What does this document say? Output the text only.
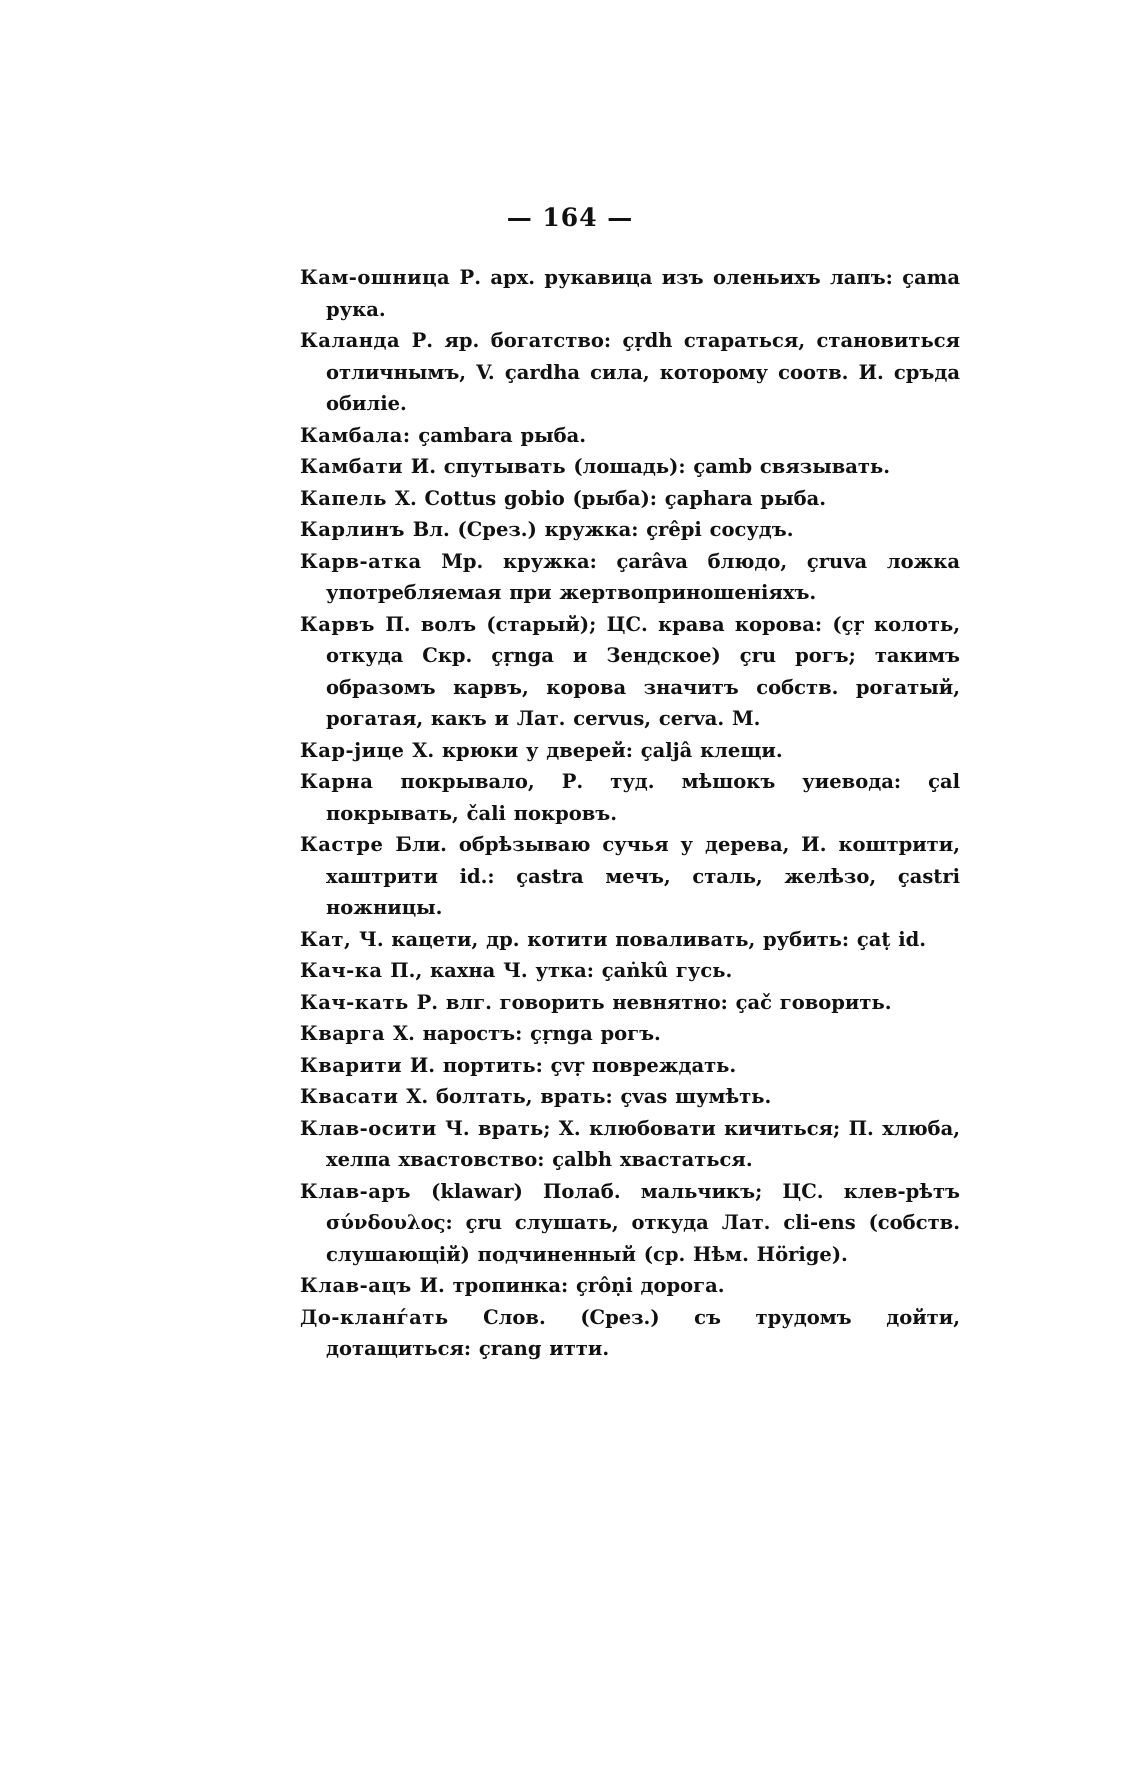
— 164 —

Кам-ошница Р. арх. рукавица изъ оленьихъ лапъ: çama рука.

Каланда Р. яр. богатство: çṛdh стараться, становиться отличнымъ, V. çardha сила, которому соотв. И. сръда обиліе.

Камбала: çambara рыба.

Камбати И. спутывать (лошадь): çamb связывать.

Капель X. Cottus gobio (рыба): çaphara рыба.

Карлинъ Вл. (Срез.) кружка: çrêpi сосудъ.

Карв-атка Мр. кружка: çarâva блюдо, çruva ложка употребляемая при жертвоприношеніяхъ.

Карвъ П. волъ (старый); ЦС. крава корова: (çṛ колоть, откуда Скр. çṛnga и Зендское) çru рогъ; такимъ образомъ карвъ, корова значитъ собств. рогатый, рогатая, какъ и Лат. cervus, cerva. М.

Кар-јице X. крюки у дверей: çalјâ клещи.

Карна покрывало, Р. туд. мѣшокъ уиевода: çal покрывать, čali покровъ.

Кастре Бли. обрѣзываю сучья у дерева, И. коштрити, хаштрити id.: çastra мечъ, сталь, желѣзо, çastri ножницы.

Кат, Ч. кацети, др. котити поваливать, рубить: çaṭ id.

Кач-ка П., кахна Ч. утка: çaṅkû гусь.

Кач-кать Р. влг. говорить невнятно: çač говорить.

Кварга X. наростъ: çṛnga рогъ.

Кварити И. портить: çvṛ повреждать.

Квасати X. болтать, врать: çvas шумѣть.

Клав-осити Ч. врать; X. клюбовати кичиться; П. хлюба, хелпа хвастовство: çalbh хвастаться.

Клав-аръ (klawar) Полаб. мальчикъ; ЦС. клев-рѣтъ σύνδουλος: çru слушать, откуда Лат. cli-ens (собств. слушающій) подчиненный (ср. Нѣм. Hörige).

Клав-ацъ И. тропинка: çrôṇi дорога.

До-кланѓать Слов. (Срез.) съ трудомъ дойти, дотащиться: çrang итти.
